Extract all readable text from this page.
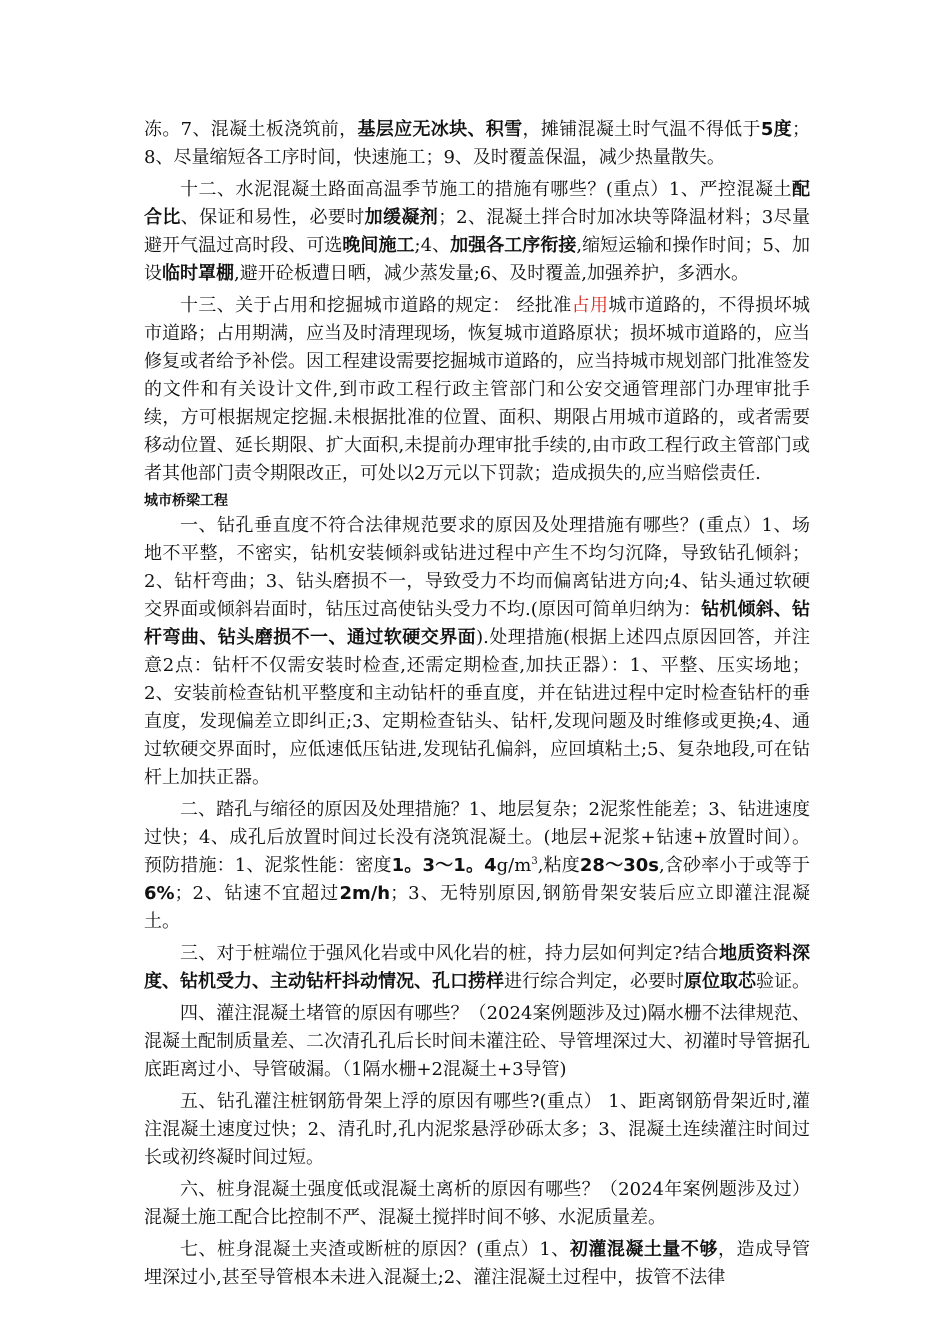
冻。7、混凝土板浇筑前，基层应无冰块、积雪，摊铺混凝土时气温不得低于5度；8、尽量缩短各工序时间，快速施工；9、及时覆盖保温，减少热量散失。

十二、水泥混凝土路面高温季节施工的措施有哪些？(重点）1、严控混凝土配合比、保证和易性，必要时加缓凝剂；2、混凝土拌合时加冰块等降温材料；3尽量避开气温过高时段、可选晚间施工;4、加强各工序衔接,缩短运输和操作时间；5、加设临时罩棚,避开砼板遭日晒，减少蒸发量;6、及时覆盖,加强养护，多洒水。

十三、关于占用和挖掘城市道路的规定： 经批准占用城市道路的，不得损坏城市道路；占用期满，应当及时清理现场，恢复城市道路原状；损坏城市道路的，应当修复或者给予补偿。因工程建设需要挖掘城市道路的，应当持城市规划部门批准签发的文件和有关设计文件,到市政工程行政主管部门和公安交通管理部门办理审批手续，方可根据规定挖掘.未根据批准的位置、面积、期限占用城市道路的，或者需要移动位置、延长期限、扩大面积,未提前办理审批手续的,由市政工程行政主管部门或者其他部门责令期限改正，可处以2万元以下罚款；造成损失的,应当赔偿责任.

城市桥梁工程

一、钻孔垂直度不符合法律规范要求的原因及处理措施有哪些？(重点）1、场地不平整，不密实，钻机安装倾斜或钻进过程中产生不均匀沉降，导致钻孔倾斜；2、钻杆弯曲；3、钻头磨损不一，导致受力不均而偏离钻进方向;4、钻头通过软硬交界面或倾斜岩面时，钻压过高使钻头受力不均.(原因可简单归纳为：钻机倾斜、钻杆弯曲、钻头磨损不一、通过软硬交界面).处理措施(根据上述四点原因回答，并注意2点：钻杆不仅需安装时检查,还需定期检查,加扶正器）：1、平整、压实场地；2、安装前检查钻机平整度和主动钻杆的垂直度，并在钻进过程中定时检查钻杆的垂直度，发现偏差立即纠正;3、定期检查钻头、钻杆,发现问题及时维修或更换;4、通过软硬交界面时，应低速低压钻进,发现钻孔偏斜，应回填粘土;5、复杂地段,可在钻杆上加扶正器。

二、踏孔与缩径的原因及处理措施？1、地层复杂；2泥浆性能差；3、钻进速度过快；4、成孔后放置时间过长没有浇筑混凝土。(地层+泥浆+钻速+放置时间）。预防措施：1、泥浆性能：密度1。3～1。$4g/m^3$,粘度28～30s,含砂率小于或等于6%；2、钻速不宜超过2m/h；3、无特别原因,钢筋骨架安装后应立即灌注混凝土。

三、对于桩端位于强风化岩或中风化岩的桩，持力层如何判定?结合地质资料深度、钻机受力、主动钻杆抖动情况、孔口捞样进行综合判定，必要时原位取芯验证。

四、灌注混凝土堵管的原因有哪些？（2024案例题涉及过)隔水栅不法律规范、混凝土配制质量差、二次清孔孔后长时间未灌注砼、导管埋深过大、初灌时导管据孔底距离过小、导管破漏。（1隔水栅+2混凝土+3导管)

五、钻孔灌注桩钢筋骨架上浮的原因有哪些?(重点） 1、距离钢筋骨架近时,灌注混凝土速度过快；2、清孔时,孔内泥浆悬浮砂砾太多；3、混凝土连续灌注时间过长或初终凝时间过短。

六、桩身混凝土强度低或混凝土离析的原因有哪些？（2024年案例题涉及过）混凝土施工配合比控制不严、混凝土搅拌时间不够、水泥质量差。

七、桩身混凝土夹渣或断桩的原因？(重点）1、初灌混凝土量不够，造成导管埋深过小,甚至导管根本未进入混凝土;2、灌注混凝土过程中，拔管不法律
